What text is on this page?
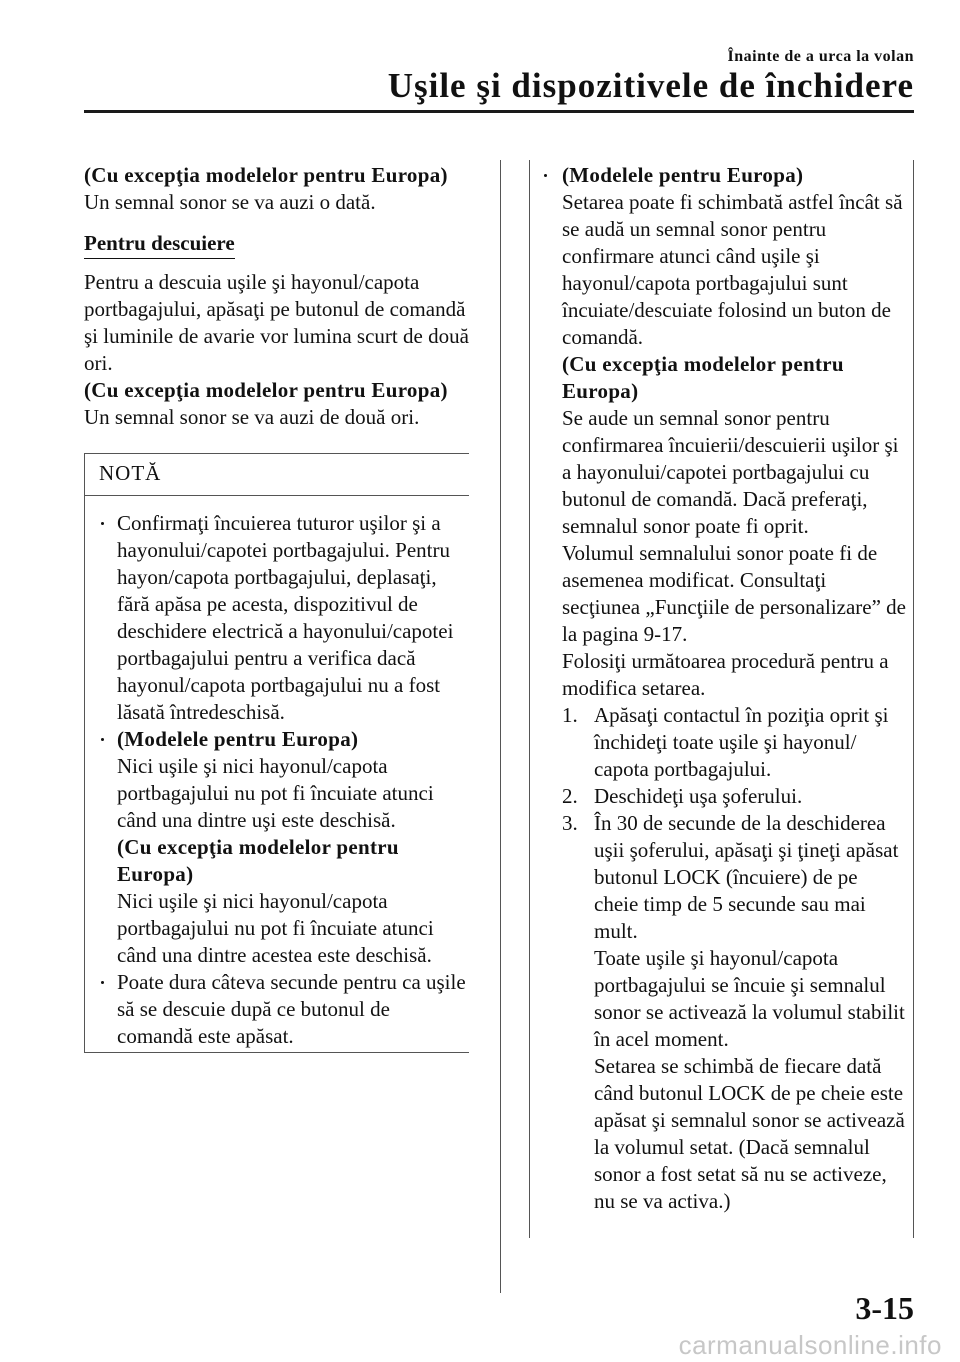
Înainte de a urca la volan
Uşile şi dispozitivele de închidere

(Cu excepţia modelelor pentru Europa)

Un semnal sonor se va auzi o dată.

Pentru descuiere

Pentru a descuia uşile şi hayonul/capota portbagajului, apăsaţi pe butonul de comandă şi luminile de avarie vor lumina scurt de două ori.

(Cu excepţia modelelor pentru Europa)

Un semnal sonor se va auzi de două ori.

NOTĂ
Confirmaţi încuierea tuturor uşilor şi a hayonului/capotei portbagajului. Pentru hayon/capota portbagajului, deplasaţi, fără apăsa pe acesta, dispozitivul de deschidere electrică a hayonului/capotei portbagajului pentru a verifica dacă hayonul/capota portbagajului nu a fost lăsată întredeschisă.
(Modelele pentru Europa)
Nici uşile şi nici hayonul/capota portbagajului nu pot fi încuiate atunci când una dintre uşi este deschisă.
(Cu excepţia modelelor pentru Europa)
Nici uşile şi nici hayonul/capota portbagajului nu pot fi încuiate atunci când una dintre acestea este deschisă.
Poate dura câteva secunde pentru ca uşile să se descuie după ce butonul de comandă este apăsat.
(Modelele pentru Europa)
Setarea poate fi schimbată astfel încât să se audă un semnal sonor pentru confirmare atunci când uşile şi hayonul/capota portbagajului sunt încuiate/descuiate folosind un buton de comandă.
(Cu excepţia modelelor pentru Europa)
Se aude un semnal sonor pentru confirmarea încuierii/descuierii uşilor şi a hayonului/capotei portbagajului cu butonul de comandă. Dacă preferaţi, semnalul sonor poate fi oprit.
Volumul semnalului sonor poate fi de asemenea modificat. Consultaţi secţiunea „Funcţiile de personalizare” de la pagina 9-17.
Folosiţi următoarea procedură pentru a modifica setarea.
1. Apăsaţi contactul în poziţia oprit şi închideţi toate uşile şi hayonul/ capota portbagajului.
2. Deschideţi uşa şoferului.
3. În 30 de secunde de la deschiderea uşii şoferului, apăsaţi şi ţineţi apăsat butonul LOCK (încuiere) de pe cheie timp de 5 secunde sau mai mult.
Toate uşile şi hayonul/capota portbagajului se încuie şi semnalul sonor se activează la volumul stabilit în acel moment.
Setarea se schimbă de fiecare dată când butonul LOCK de pe cheie este apăsat şi semnalul sonor se activează la volumul setat. (Dacă semnalul sonor a fost setat să nu se activeze, nu se va activa.)
3-15
carmanualsonline.info
